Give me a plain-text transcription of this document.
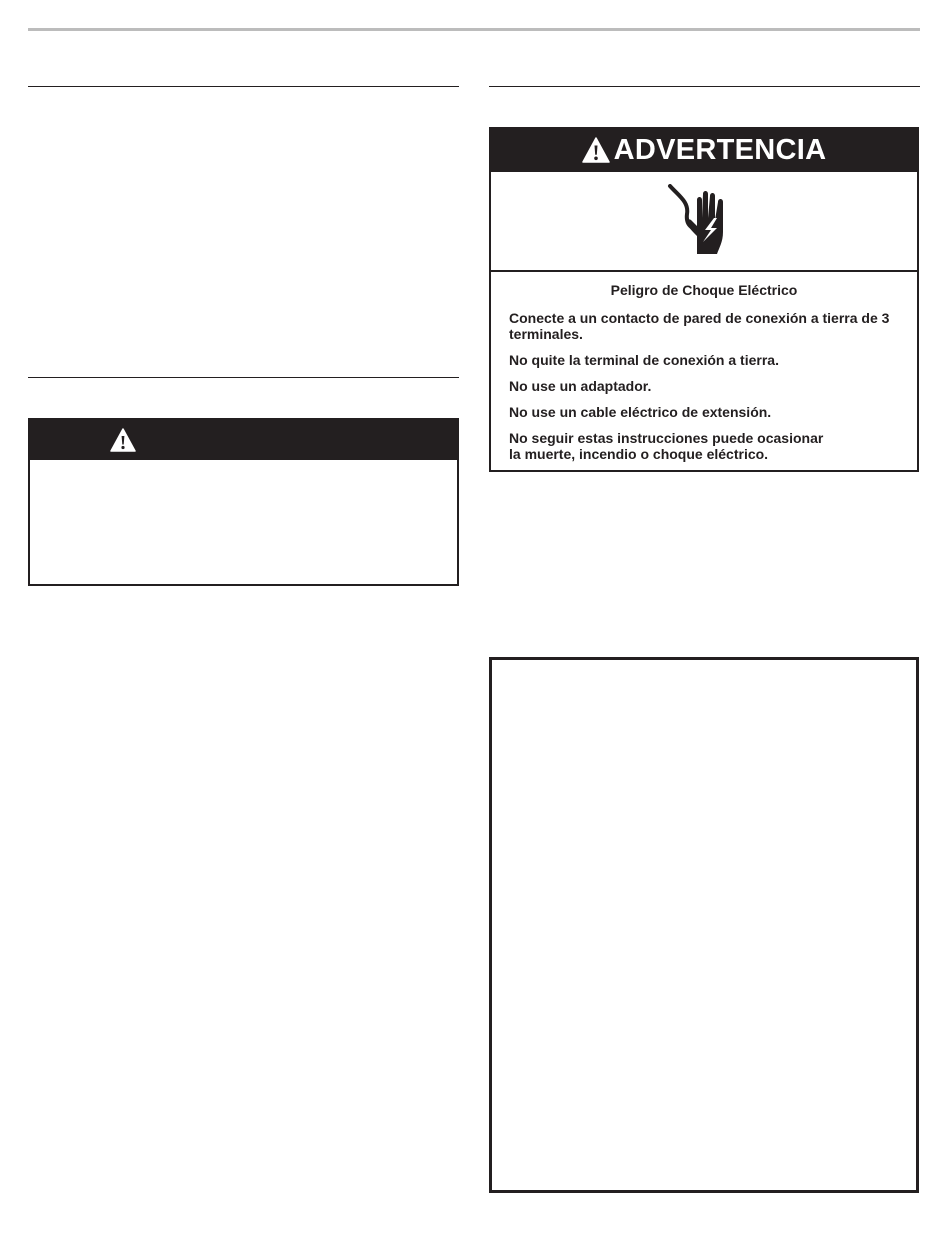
ADVERTENCIA
Peligro de Choque Eléctrico

Conecte a un contacto de pared de conexión a tierra de 3 terminales.

No quite la terminal de conexión a tierra.

No use un adaptador.

No use un cable eléctrico de extensión.

No seguir estas instrucciones puede ocasionar
la muerte, incendio o choque eléctrico.
